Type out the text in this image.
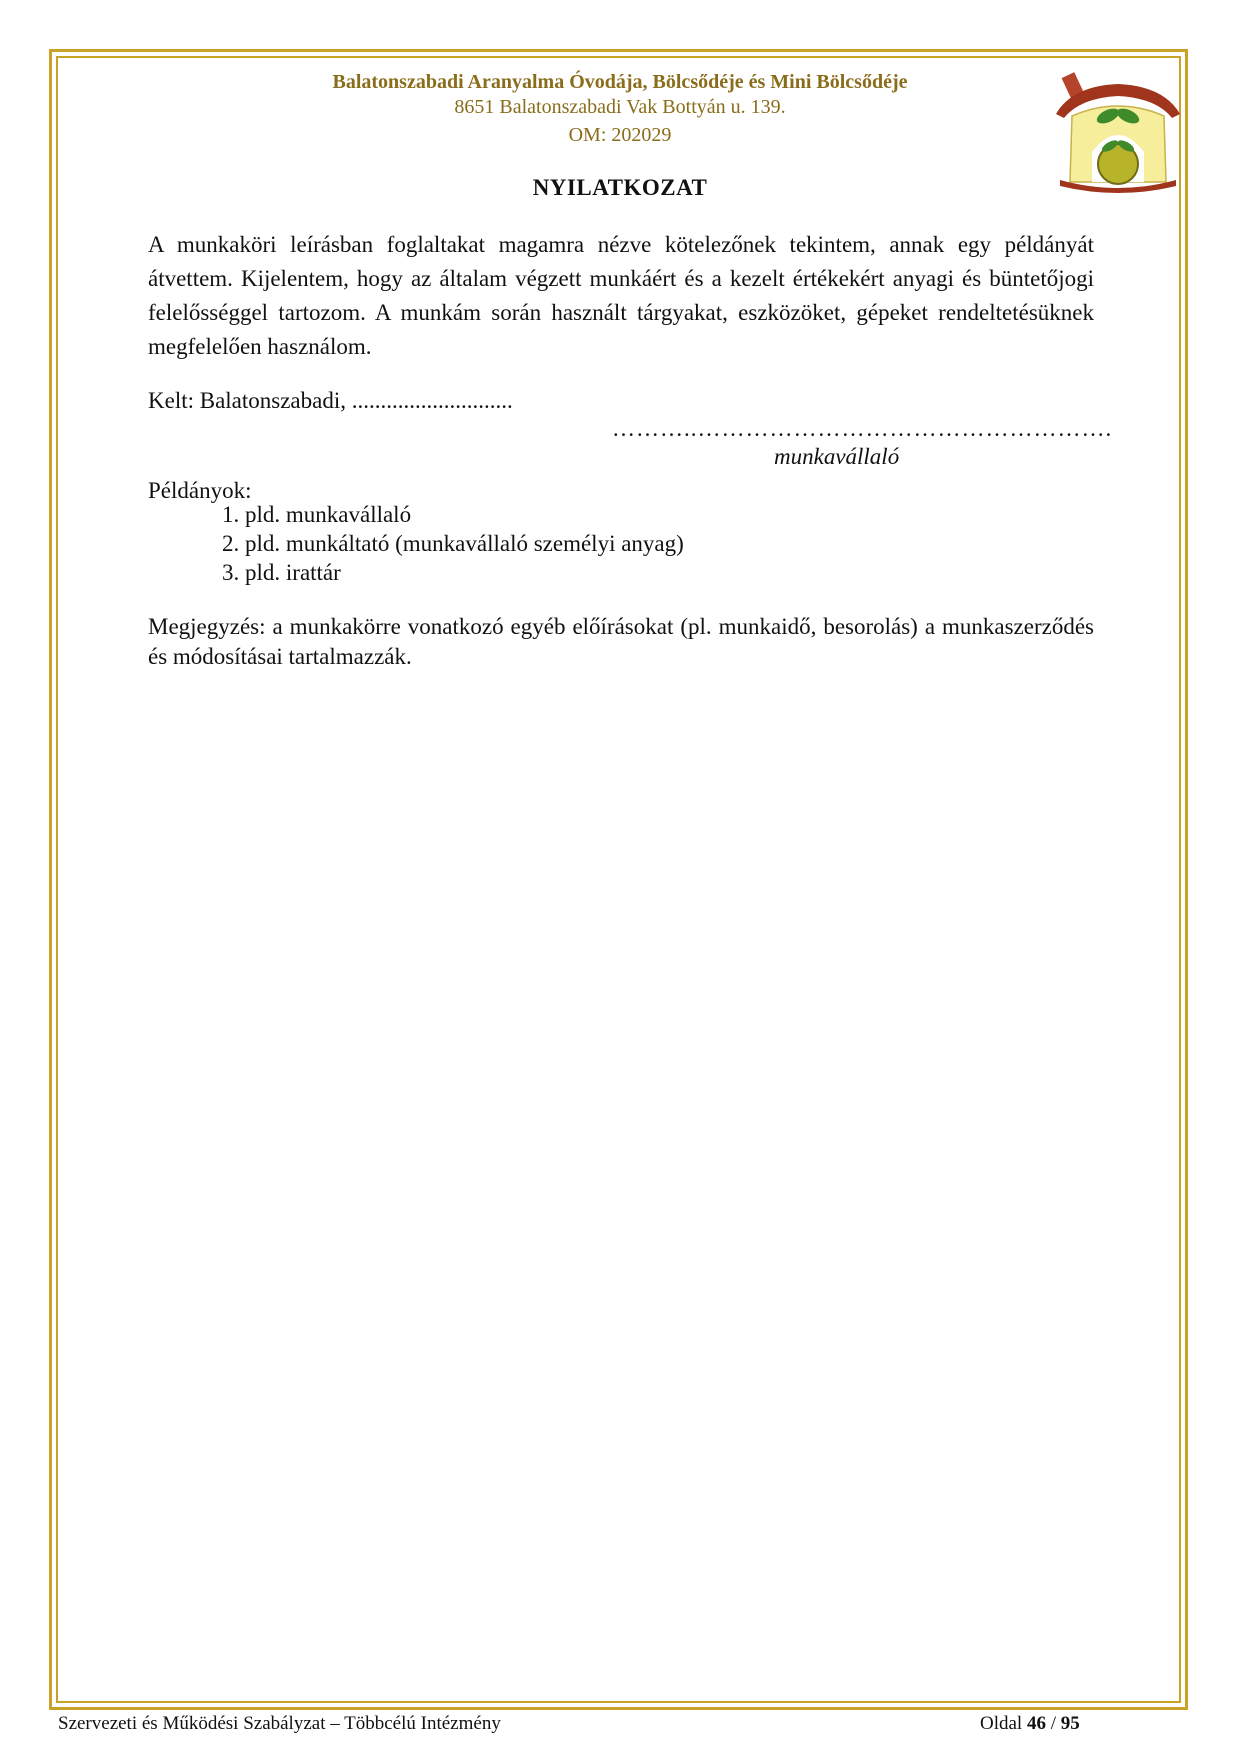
Balatonszabadi Aranyalma Óvodája, Bölcsődéje és Mini Bölcsődéje
8651 Balatonszabadi Vak Bottyán u. 139.
OM: 202029
NYILATKOZAT
A munkaköri leírásban foglaltakat magamra nézve kötelezőnek tekintem, annak egy példányát átvettem. Kijelentem, hogy az általam végzett munkáért és a kezelt értékekért anyagi és büntetőjogi felelősséggel tartozom. A munkám során használt tárgyakat, eszközöket, gépeket rendeltetésüknek megfelelően használom.
Kelt: Balatonszabadi, ............................
………..…………………………………………….
munkavállaló
Példányok:
1. pld. munkavállaló
2. pld. munkáltató (munkavállaló személyi anyag)
3. pld. irattár
Megjegyzés: a munkakörre vonatkozó egyéb előírásokat (pl. munkaidő, besorolás) a munkaszerződés és módosításai tartalmazzák.
Szervezeti és Működési Szabályzat – Többcélú Intézmény	Oldal 46 / 95
